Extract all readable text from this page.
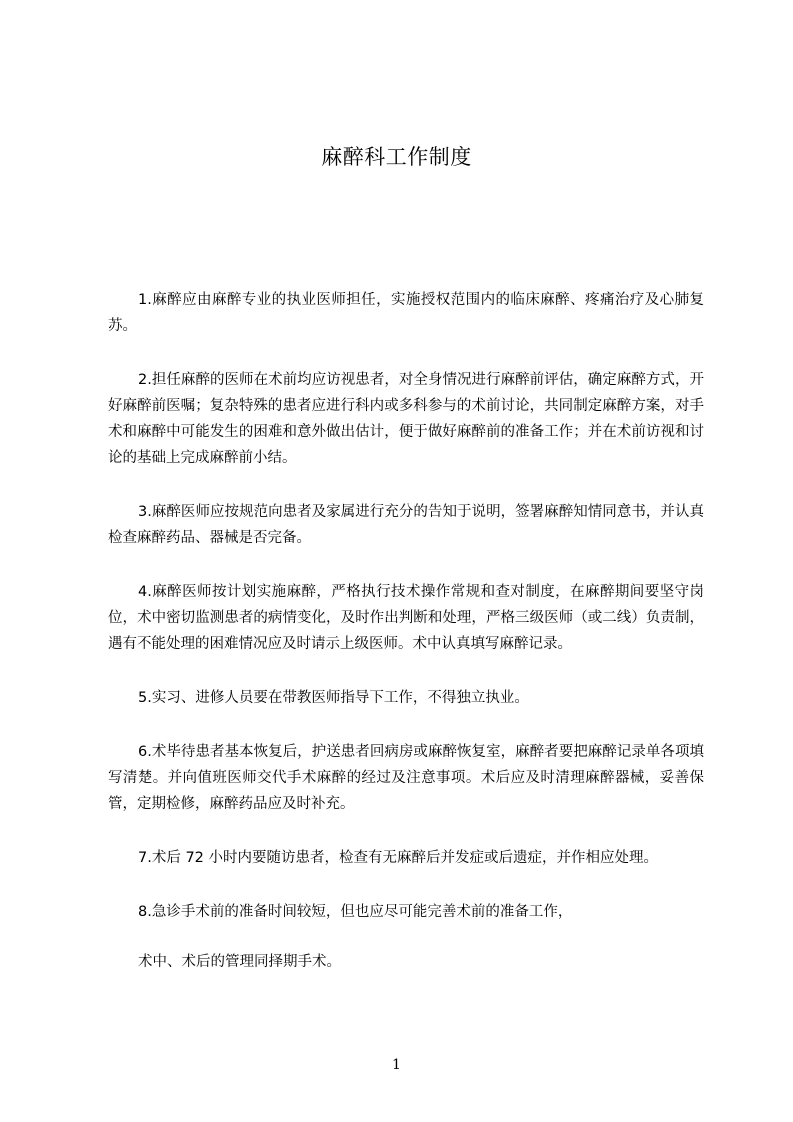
麻醉科工作制度

1.麻醉应由麻醉专业的执业医师担任，实施授权范围内的临床麻醉、疼痛治疗及心肺复苏。

2.担任麻醉的医师在术前均应访视患者，对全身情况进行麻醉前评估，确定麻醉方式，开好麻醉前医嘱；复杂特殊的患者应进行科内或多科参与的术前讨论，共同制定麻醉方案，对手术和麻醉中可能发生的困难和意外做出估计，便于做好麻醉前的准备工作；并在术前访视和讨论的基础上完成麻醉前小结。

3.麻醉医师应按规范向患者及家属进行充分的告知于说明，签署麻醉知情同意书，并认真检查麻醉药品、器械是否完备。

4.麻醉医师按计划实施麻醉，严格执行技术操作常规和查对制度，在麻醉期间要坚守岗位，术中密切监测患者的病情变化，及时作出判断和处理，严格三级医师（或二线）负责制，遇有不能处理的困难情况应及时请示上级医师。术中认真填写麻醉记录。

5.实习、进修人员要在带教医师指导下工作，不得独立执业。

6.术毕待患者基本恢复后，护送患者回病房或麻醉恢复室，麻醉者要把麻醉记录单各项填写清楚。并向值班医师交代手术麻醉的经过及注意事项。术后应及时清理麻醉器械，妥善保管，定期检修，麻醉药品应及时补充。

7.术后 72 小时内要随访患者，检查有无麻醉后并发症或后遗症，并作相应处理。

8.急诊手术前的准备时间较短，但也应尽可能完善术前的准备工作，

术中、术后的管理同择期手术。

1
